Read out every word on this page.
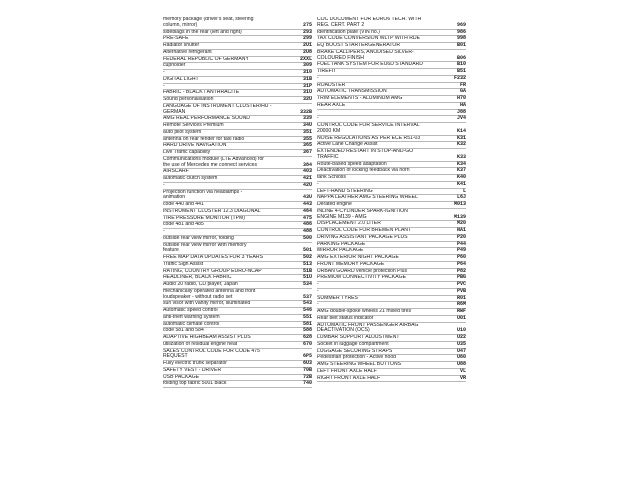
memory package (driver's seat, steering
column, mirror)	275
sideblags in the rear (left and right)	293
PRE-SAFE	299
Radiator shutter	2U1
Alternative refrigerant	2U8
FEDERAL REPUBLIC OF GERMANY	2XXL
cupholder	309
-	310
DIGITAL LIGHT	31B
-	31P
FABRIC - BLACK / ANTHRACITE	31U
Sound personalisation	32U
LANGUAGE OF INSTRUMENT CLUSTER/HU -
GERMAN	332B
AMG REAL PERFORMANCE SOUND	339
Remote Services Premium	34U
auto pilot system	351
antenna on rear fender for taxi radio	355
HARD DRIVE NAVIGATION	365
Live Traffic capability	367
Communications module (LTE Advanced) for
the use of Mercedes me connect services	384
AIRSCARF	403
automatic clutch system	421
-	42U
Projection function via headlamps -
animation	43U
code 440 and 441	443
INSTRUMENT CLUSTER 12.3 DIAGONAL'	464
TIRE PRESSURE MONITOR (TPM)	475
code 481 and 485	486
-	488
outside rear view mirror, folding	500
outside rear view mirror with memory
feature	501
FREE MAP DATA UPDATES FOR 3 YEARS	502
Traffic Sign Assist	513
RATING, COUNTRY GROUP EURO-NCAP	51B
HEADLINER, BLACK FABRIC	51U
Audio 20 radio, CD player, Japan	534
mechanically operated antenna and front
loudspeaker - without radio set	537
sun visor with vanity mirror, illuminated	543
Automatic speed control	546
anti-theft warning system	551
automatic climate control	581
code 581 and 584	588
ADAPTIVE HIGHBEAM ASSIST PLUS	628
utilization of residual engine heat	670
SALES CONTROL CODE FOR CODE 475
REQUEST	6P5
Fully electric trunk separator	6U3
SAFETY VEST - DRIVER	70B
USB PACKAGE	72B
folding top fabric 5001 black	740
COC DOCUMENT FOR EURO6 TECH. WITH
REG. CERT. PART 2	969
Identification plate (VIN no.)	986
TAX CODE CONVERSION WLTP WITH RDE	998
EQ BOOST STARTERGENERATOR	B01
BRAKE CALLIPERS, ANODISED SILVER-
COLOURED FINISH	B06
FUEL TANK SYSTEM FOR EU6D STANDARD	B10
TIREFIT	B51
-	F232
ROADSTER	FR
AUTOMATIC TRANSMISSION	GA
TRIM ELEMENTS - ALUMINUM AMG	H70
REAR AXLE	HA
J88
-	JV4
CONTROL CODE FOR SERVICE INTERVAL
20000 KM	K14
NOISE REGULATIONS AS PER ECE R51-03	K31
Active Lane Change Assist	K32
EXTENDED RESTART IN STOP-AND-GO
TRAFFIC	K33
Route-based speed adaptation	K34
Deactivation of locking feedback via horn	K37
tank Schloss	K40
-	K41
LEFT-HAND STEERING	L
NAPPA LEATHER AMG STEERING WHEEL	L6J
Derated engine	M013
INLINE 4-CYLINDER SPARK-IGNITION
ENGINE M139 - AMG	M139
DISPLACEMENT 2.0 LITER	M20
CONTROL CODE FOR BREMEN PLANT	NA1
DRIVING ASSISTANT PACKAGE PLUS	P20
PARKING PACKAGE	P44
MIRROR PACKAGE	P49
AMG EXTERIOR NIGHT PACKAGE	P60
FRONT MEMORY PACKAGE	P64
URBAN GUARD vehicle protection Plus	P82
PREMIUM CONNECTIVITY PACKAGE	PBG
-	PVC
-	PVB
SUMMER TYRES	R01
-	R6M
AMG double-spoke wheels 21 mixed tires'	RWF
Rear belt status indicator	U01
AUTOMATIC FRONT PASSENGER AIRBAG
DEACTIVATION (OCS)	U10
LUMBAR SUPPORT ADJUSTMENT	U22
Socket in luggage compartment	U35
LUGGAGE SECURING STRAPS	U47
Pedestrian protection - Active hood	U60
AMG STEERING WHEEL BUTTONS	U88
LEFT FRONT AXLE HALF	VL
RIGHT FRONT AXLE HALF	VR
